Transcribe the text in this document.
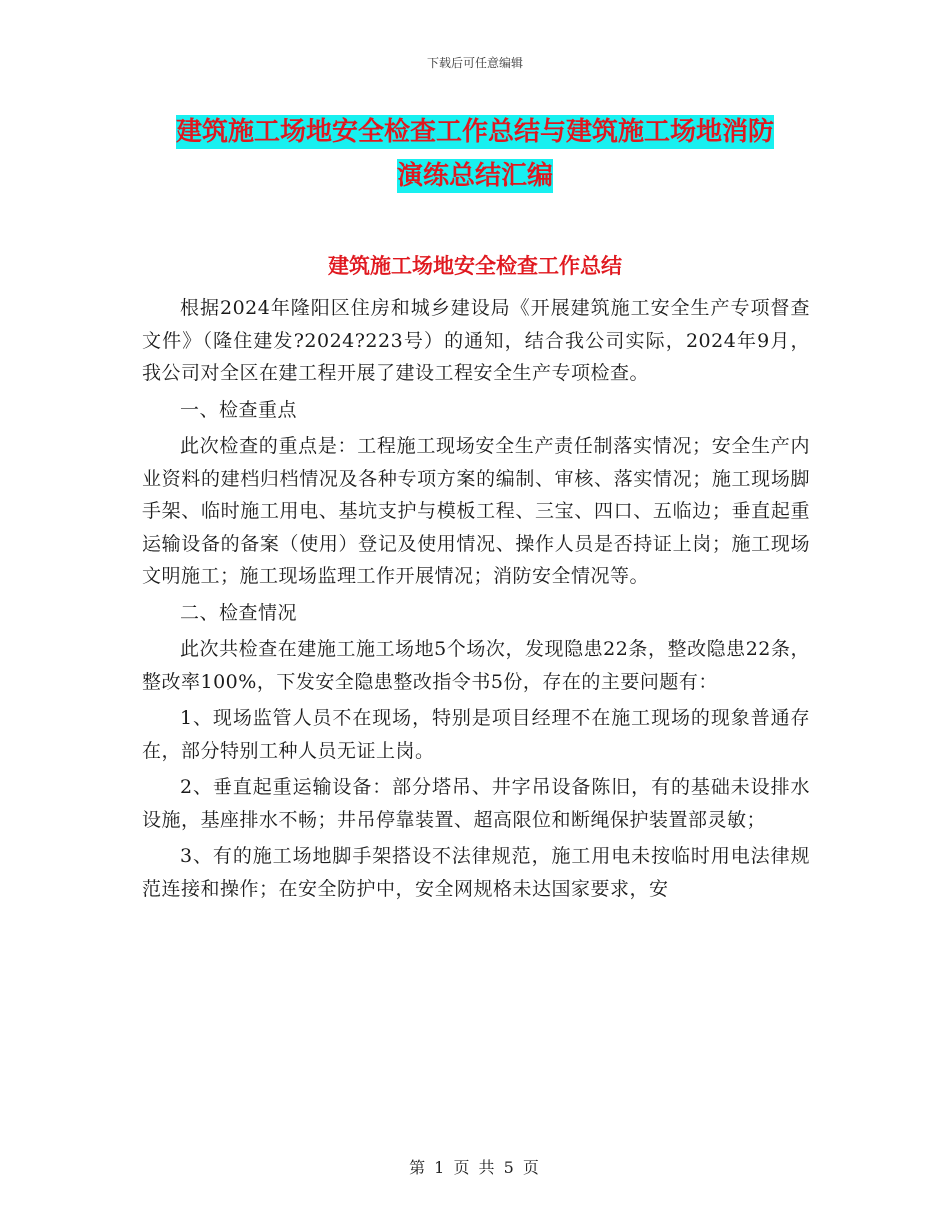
下载后可任意编辑
建筑施工场地安全检查工作总结与建筑施工场地消防
演练总结汇编
建筑施工场地安全检查工作总结

根据2024年隆阳区住房和城乡建设局《开展建筑施工安全生产专项督查文件》（隆住建发?2024?223号）的通知，结合我公司实际，2024年9月，我公司对全区在建工程开展了建设工程安全生产专项检查。

一、检查重点

此次检查的重点是：工程施工现场安全生产责任制落实情况；安全生产内业资料的建档归档情况及各种专项方案的编制、审核、落实情况；施工现场脚手架、临时施工用电、基坑支护与模板工程、三宝、四口、五临边；垂直起重运输设备的备案（使用）登记及使用情况、操作人员是否持证上岗；施工现场文明施工；施工现场监理工作开展情况；消防安全情况等。

二、检查情况

此次共检查在建施工施工场地5个场次，发现隐患22条，整改隐患22条，整改率100%，下发安全隐患整改指令书5份，存在的主要问题有：

1、现场监管人员不在现场，特别是项目经理不在施工现场的现象普通存在，部分特别工种人员无证上岗。

2、垂直起重运输设备：部分塔吊、井字吊设备陈旧，有的基础未设排水设施，基座排水不畅；井吊停靠装置、超高限位和断绳保护装置部灵敏；

3、有的施工场地脚手架搭设不法律规范，施工用电未按临时用电法律规范连接和操作；在安全防护中，安全网规格未达国家要求，安

第 1 页 共 5 页
